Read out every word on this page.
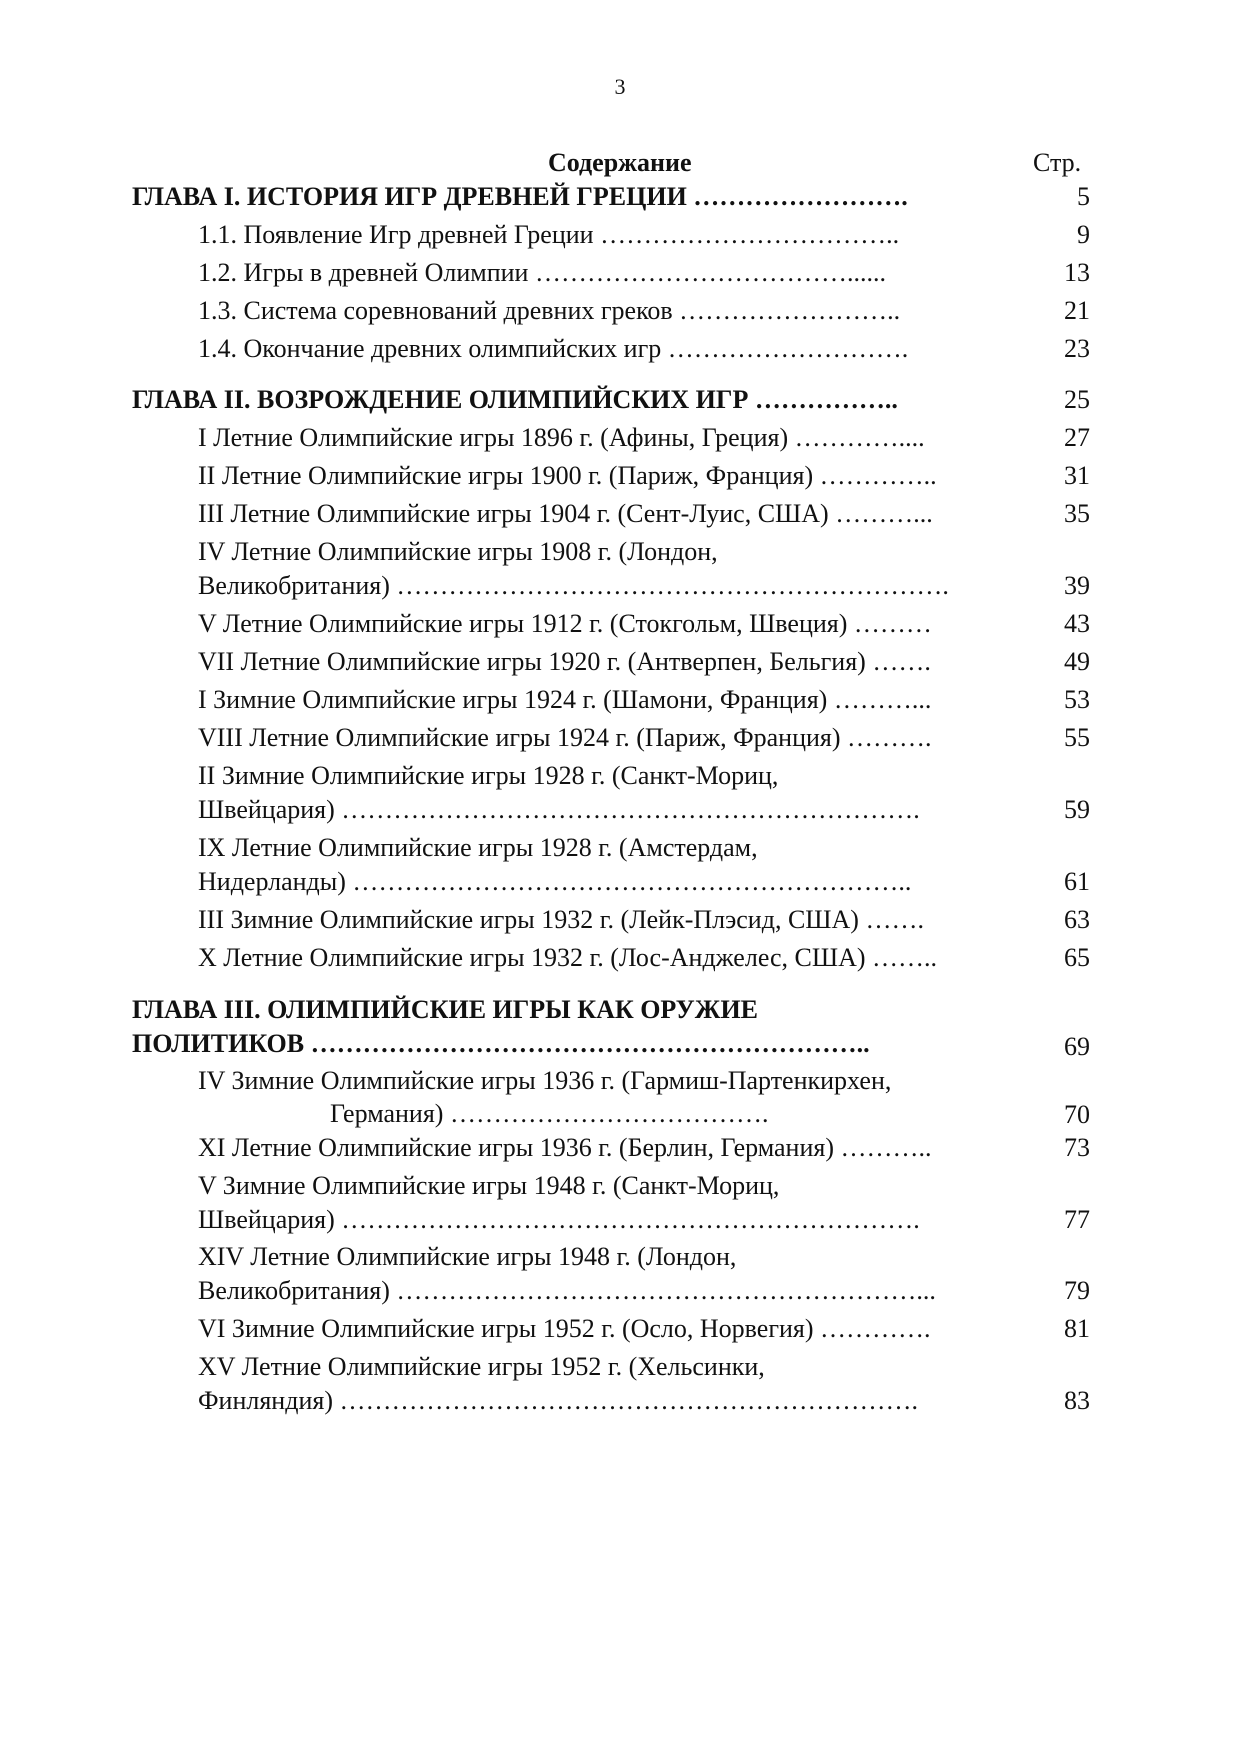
3
Содержание	Стр.
ГЛАВА I. ИСТОРИЯ ИГР ДРЕВНЕЙ ГРЕЦИИ …………………….	5
1.1. Появление Игр древней Греции ……………………………..	9
1.2. Игры в древней Олимпии ………………………………......	13
1.3. Система соревнований древних греков ……………………..	21
1.4. Окончание древних олимпийских игр ……………………….	23
ГЛАВА II. ВОЗРОЖДЕНИЕ ОЛИМПИЙСКИХ ИГР ……………..	25
I Летние Олимпийские игры 1896 г. (Афины, Греция) …………....	27
II Летние Олимпийские игры 1900 г. (Париж, Франция) …………..	31
III Летние Олимпийские игры 1904 г. (Сент-Луис, США) ………...	35
IV Летние Олимпийские игры 1908 г. (Лондон,
Великобритания) ……………………………………………………….	39
V Летние Олимпийские игры 1912 г. (Стокгольм, Швеция) ………	43
VII Летние Олимпийские игры 1920 г. (Антверпен, Бельгия) …….	49
I Зимние Олимпийские игры 1924 г. (Шамони, Франция) ………...	53
VIII Летние Олимпийские игры 1924 г. (Париж, Франция) ……….	55
II Зимние Олимпийские игры 1928 г. (Санкт-Мориц,
Швейцария) ………………………………………………………….	59
IX Летние Олимпийские игры 1928 г. (Амстердам,
Нидерланды) ………………………………………………………..	61
III Зимние Олимпийские игры 1932 г. (Лейк-Плэсид, США) …….	63
X Летние Олимпийские игры 1932 г. (Лос-Анджелес, США) ……..	65
ГЛАВА III. ОЛИМПИЙСКИЕ ИГРЫ КАК ОРУЖИЕ
ПОЛИТИКОВ ………………………………………………………..	69
IV Зимние Олимпийские игры 1936 г. (Гармиш-Партенкирхен,
Германия) ……………………………….	70
XI Летние Олимпийские игры 1936 г. (Берлин, Германия) ………..	73
V Зимние Олимпийские игры 1948 г. (Санкт-Мориц,
Швейцария) ………………………………………………………….	77
XIV Летние Олимпийские игры 1948 г. (Лондон,
Великобритания) ……………………………………………………...	79
VI Зимние Олимпийские игры 1952 г. (Осло, Норвегия) ………….	81
XV Летние Олимпийские игры 1952 г. (Хельсинки,
Финляндия) ………………………………………………………….	83
